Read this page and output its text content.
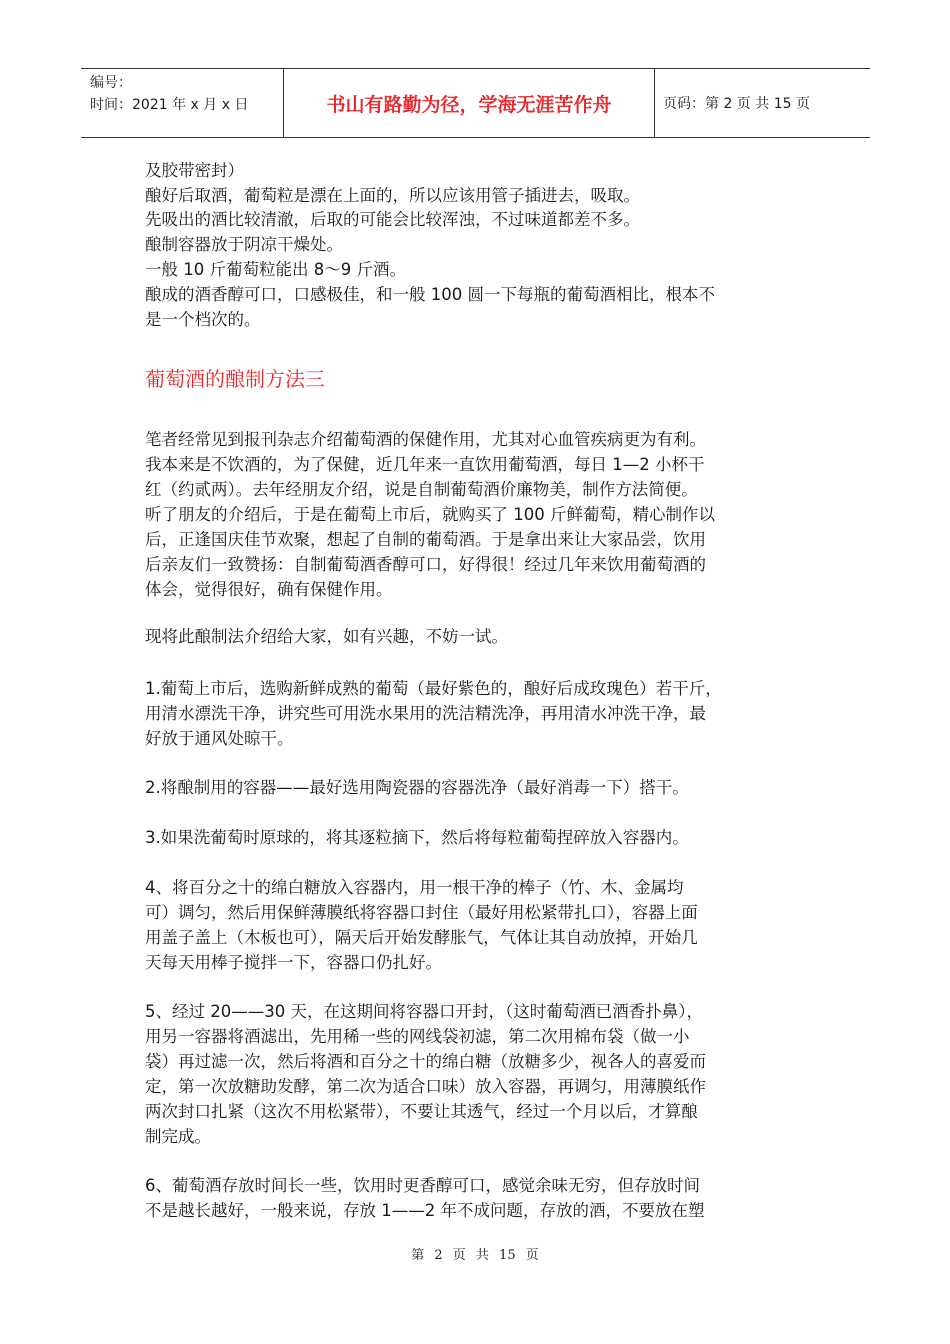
编号：
时间：2021 年 x 月 x 日	书山有路勤为径，学海无涯苦作舟	页码：第 2 页 共 15 页

及胶带密封）

酿好后取酒，葡萄粒是漂在上面的，所以应该用管子插进去，吸取。

先吸出的酒比较清澈，后取的可能会比较浑浊，不过味道都差不多。

酿制容器放于阴凉干燥处。

一般 10 斤葡萄粒能出 8～9 斤酒。

酿成的酒香醇可口，口感极佳，和一般 100 圆一下每瓶的葡萄酒相比，根本不

是一个档次的。

葡萄酒的酿制方法三

笔者经常见到报刊杂志介绍葡萄酒的保健作用，尤其对心血管疾病更为有利。

我本来是不饮酒的，为了保健，近几年来一直饮用葡萄酒，每日 1—2 小杯干

红（约贰两）。去年经朋友介绍，说是自制葡萄酒价廉物美，制作方法简便。

听了朋友的介绍后，于是在葡萄上市后，就购买了 100 斤鲜葡萄，精心制作以

后，正逢国庆佳节欢聚，想起了自制的葡萄酒。于是拿出来让大家品尝，饮用

后亲友们一致赞扬：自制葡萄酒香醇可口，好得很！经过几年来饮用葡萄酒的

体会，觉得很好，确有保健作用。

现将此酿制法介绍给大家，如有兴趣，不妨一试。

1.葡萄上市后，选购新鲜成熟的葡萄（最好紫色的，酿好后成玫瑰色）若干斤，

用清水漂洗干净，讲究些可用洗水果用的洗洁精洗净，再用清水冲洗干净，最

好放于通风处晾干。

2.将酿制用的容器——最好选用陶瓷器的容器洗净（最好消毒一下）搭干。

3.如果洗葡萄时原球的，将其逐粒摘下，然后将每粒葡萄捏碎放入容器内。

4、将百分之十的绵白糖放入容器内，用一根干净的棒子（竹、木、金属均

可）调匀，然后用保鲜薄膜纸将容器口封住（最好用松紧带扎口），容器上面

用盖子盖上（木板也可），隔天后开始发酵胀气，气体让其自动放掉，开始几

天每天用棒子搅拌一下，容器口仍扎好。

5、经过 20——30 天，在这期间将容器口开封，（这时葡萄酒已酒香扑鼻），

用另一容器将酒滤出，先用稀一些的网线袋初滤，第二次用棉布袋（做一小

袋）再过滤一次，然后将酒和百分之十的绵白糖（放糖多少，视各人的喜爱而

定，第一次放糖助发酵，第二次为适合口味）放入容器，再调匀，用薄膜纸作

两次封口扎紧（这次不用松紧带），不要让其透气，经过一个月以后，才算酿

制完成。

6、葡萄酒存放时间长一些，饮用时更香醇可口，感觉余味无穷，但存放时间

不是越长越好，一般来说，存放 1——2 年不成问题，存放的酒，不要放在塑

第 2 页 共 15 页
